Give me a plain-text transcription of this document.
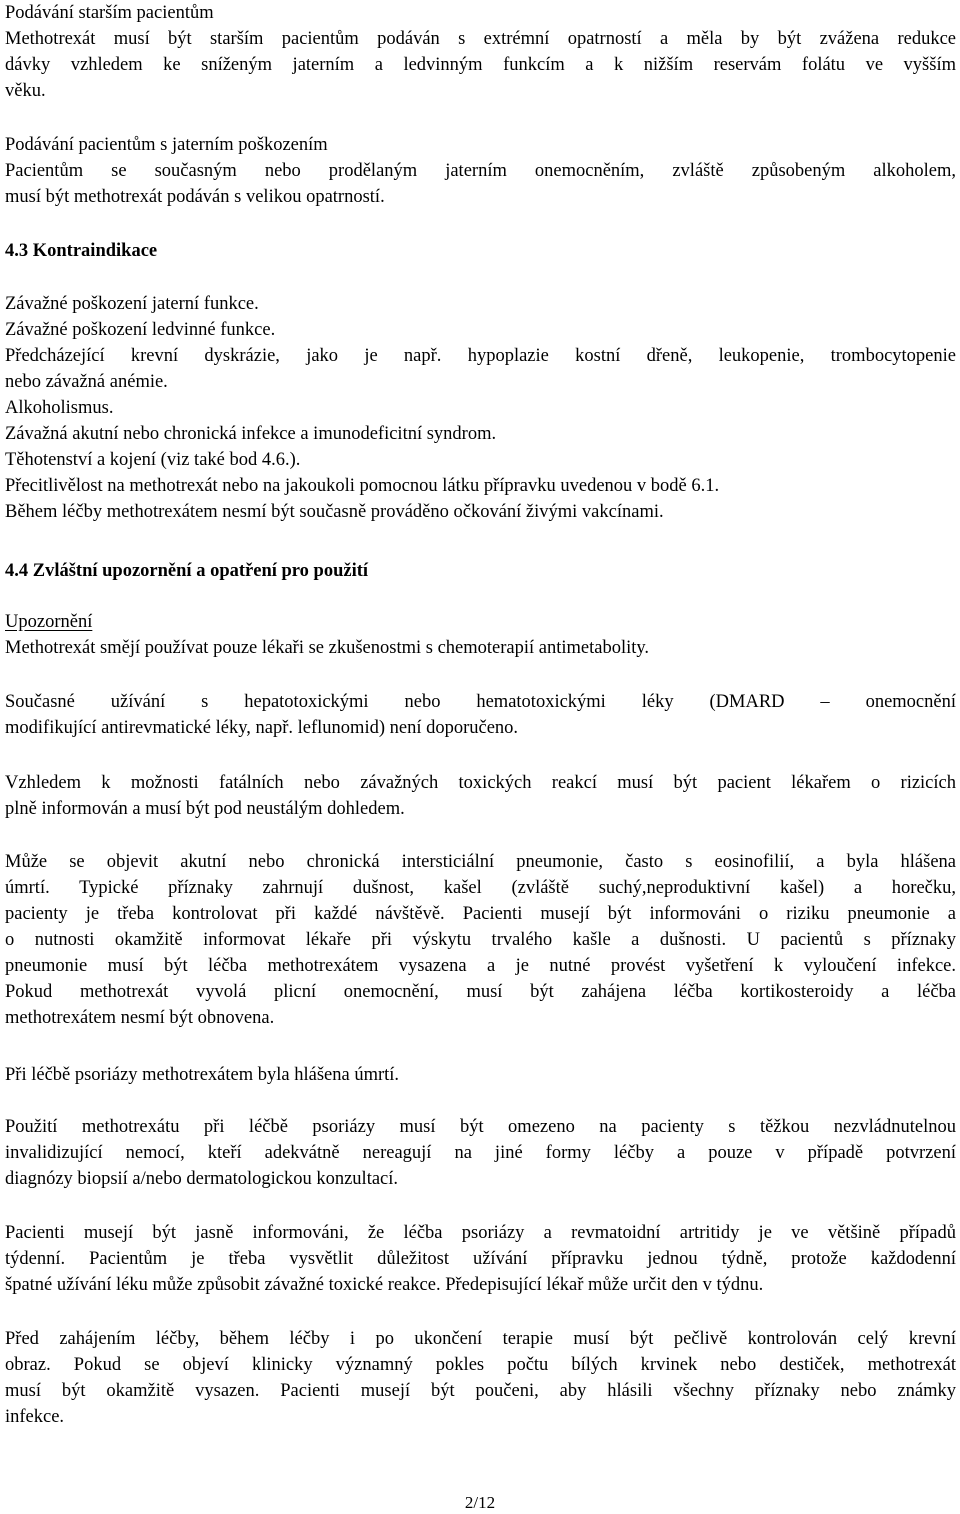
Podávání starším pacientům
Methotrexát musí být starším pacientům podáván s extrémní opatrností a měla by být zvážena redukce
dávky vzhledem ke sníženým jaterním a ledvinným funkcím a k nižším reservám folátu ve vyšším
věku.
Podávání pacientům s jaterním poškozením
Pacientům se současným nebo prodělaným jaterním onemocněním, zvláště způsobeným alkoholem,
musí být methotrexát podáván s velikou opatrností.
4.3 Kontraindikace
Závažné poškození jaterní funkce.
Závažné poškození ledvinné funkce.
Předcházející krevní dyskrázie, jako je např. hypoplazie kostní dřeně, leukopenie, trombocytopenie
nebo závažná anémie.
Alkoholismus.
Závažná akutní nebo chronická infekce a imunodeficitní syndrom.
Těhotenství a kojení (viz také bod 4.6.).
Přecitlivělost na methotrexát nebo na jakoukoli pomocnou látku přípravku uvedenou v bodě 6.1.
Během léčby methotrexátem nesmí být současně prováděno očkování živými vakcínami.
4.4 Zvláštní upozornění a opatření pro použití
Upozornění
Methotrexát smějí používat pouze lékaři se zkušenostmi s chemoterapií antimetabolity.
Současné užívání s hepatotoxickými nebo hematotoxickými léky (DMARD – onemocnění
modifikující antirevmatické léky, např. leflunomid) není doporučeno.
Vzhledem k možnosti fatálních nebo závažných toxických reakcí musí být pacient lékařem o rizicích
plně informován a musí být pod neustálým dohledem.
Může se objevit akutní nebo chronická intersticiální pneumonie, často s eosinofilií, a byla hlášena
úmrtí. Typické příznaky zahrnují dušnost, kašel (zvláště suchý,neproduktivní kašel) a horečku,
pacienty je třeba kontrolovat při každé návštěvě. Pacienti musejí být informováni o riziku pneumonie a
o nutnosti okamžitě informovat lékaře při výskytu trvalého kašle a dušnosti. U pacientů s příznaky
pneumonie musí být léčba methotrexátem vysazena a je nutné provést vyšetření k vyloučení infekce.
Pokud methotrexát vyvolá plicní onemocnění, musí být zahájena léčba kortikosteroidy a léčba
methotrexátem nesmí být obnovena.
Při léčbě psoriázy methotrexátem byla hlášena úmrtí.
Použití methotrexátu při léčbě psoriázy musí být omezeno na pacienty s těžkou nezvládnutelnou
invalidizující nemocí, kteří adekvátně nereagují na jiné formy léčby a pouze v případě potvrzení
diagnózy biopsií a/nebo dermatologickou konzultací.
Pacienti musejí být jasně informováni, že léčba psoriázy a revmatoidní artritidy je ve většině případů
týdenní. Pacientům je třeba vysvětlit důležitost užívání přípravku jednou týdně, protože každodenní
špatné užívání léku může způsobit závažné toxické reakce. Předepisující lékař může určit den v týdnu.
Před zahájením léčby, během léčby i po ukončení terapie musí být pečlivě kontrolován celý krevní
obraz. Pokud se objeví klinicky významný pokles počtu bílých krvinek nebo destiček, methotrexát
musí být okamžitě vysazen. Pacienti musejí být poučeni, aby hlásili všechny příznaky nebo známky
infekce.
2/12
